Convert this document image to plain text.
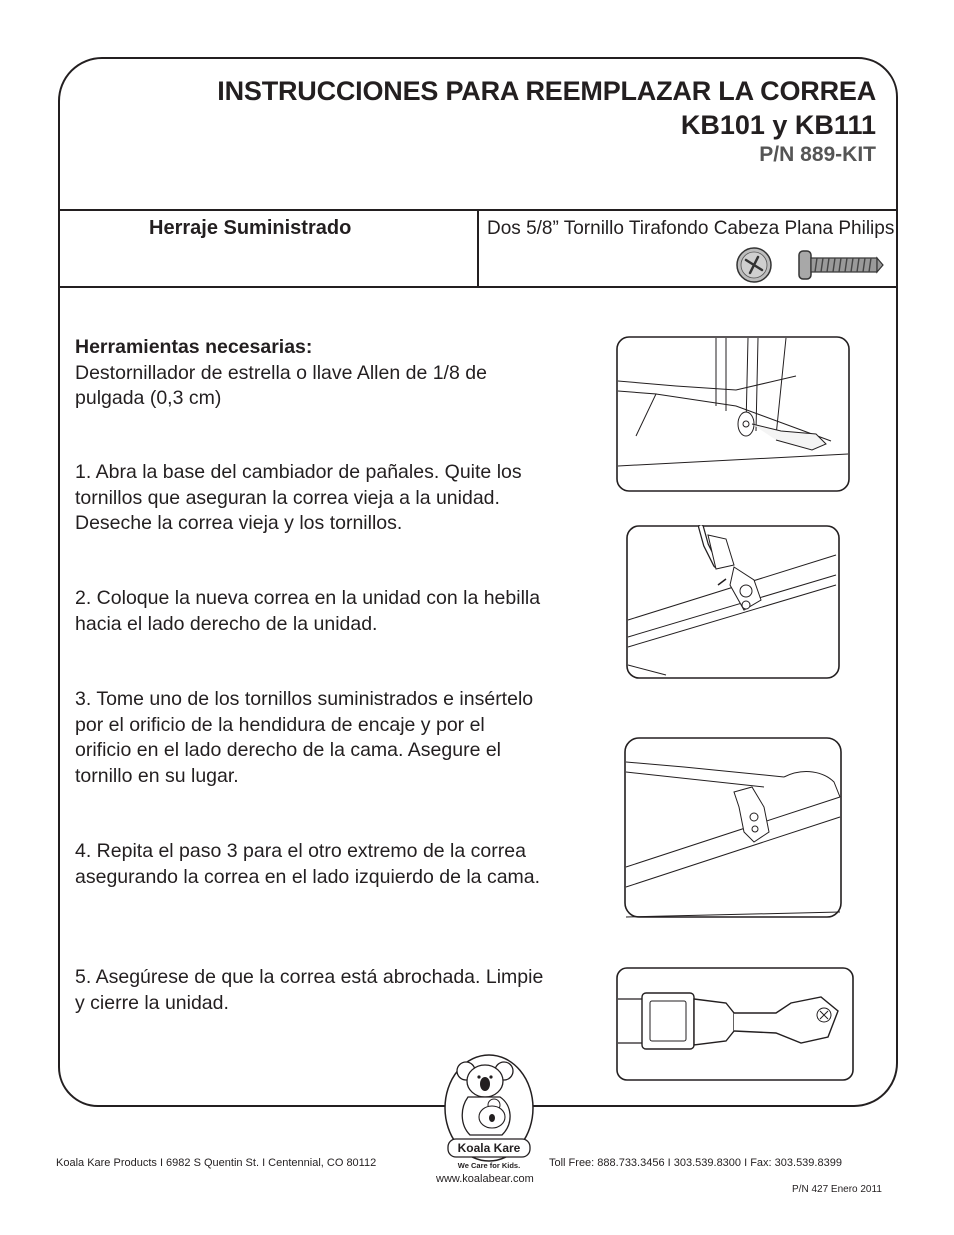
INSTRUCCIONES PARA REEMPLAZAR LA CORREA
KB101 y KB111
P/N 889-KIT
Herraje Suministrado	Dos 5/8” Tornillo Tirafondo Cabeza Plana Philips
Herramientas necesarias:
Destornillador de estrella o llave Allen de 1/8 de pulgada (0,3 cm)
1. Abra la base del cambiador de pañales. Quite los tornillos que aseguran la correa vieja a la unidad. Deseche la correa vieja y los tornillos.
2. Coloque la nueva correa en la unidad con la hebilla hacia el lado derecho de la unidad.
3. Tome uno de los tornillos suministrados e insértelo por el orificio de la hendidura de encaje y por el orificio en el lado derecho de la cama. Asegure el tornillo en su lugar.
4. Repita el paso 3 para el otro extremo de la correa asegurando la correa en el lado izquierdo de la cama.
5. Asegúrese de que la correa está abrochada. Limpie y cierre la unidad.
Koala Kare
We Care for Kids.
Koala Kare Products I 6982 S Quentin St. I Centennial, CO 80112	Toll Free: 888.733.3456 I 303.539.8300 I Fax: 303.539.8399
www.koalabear.com
P/N 427 Enero 2011
